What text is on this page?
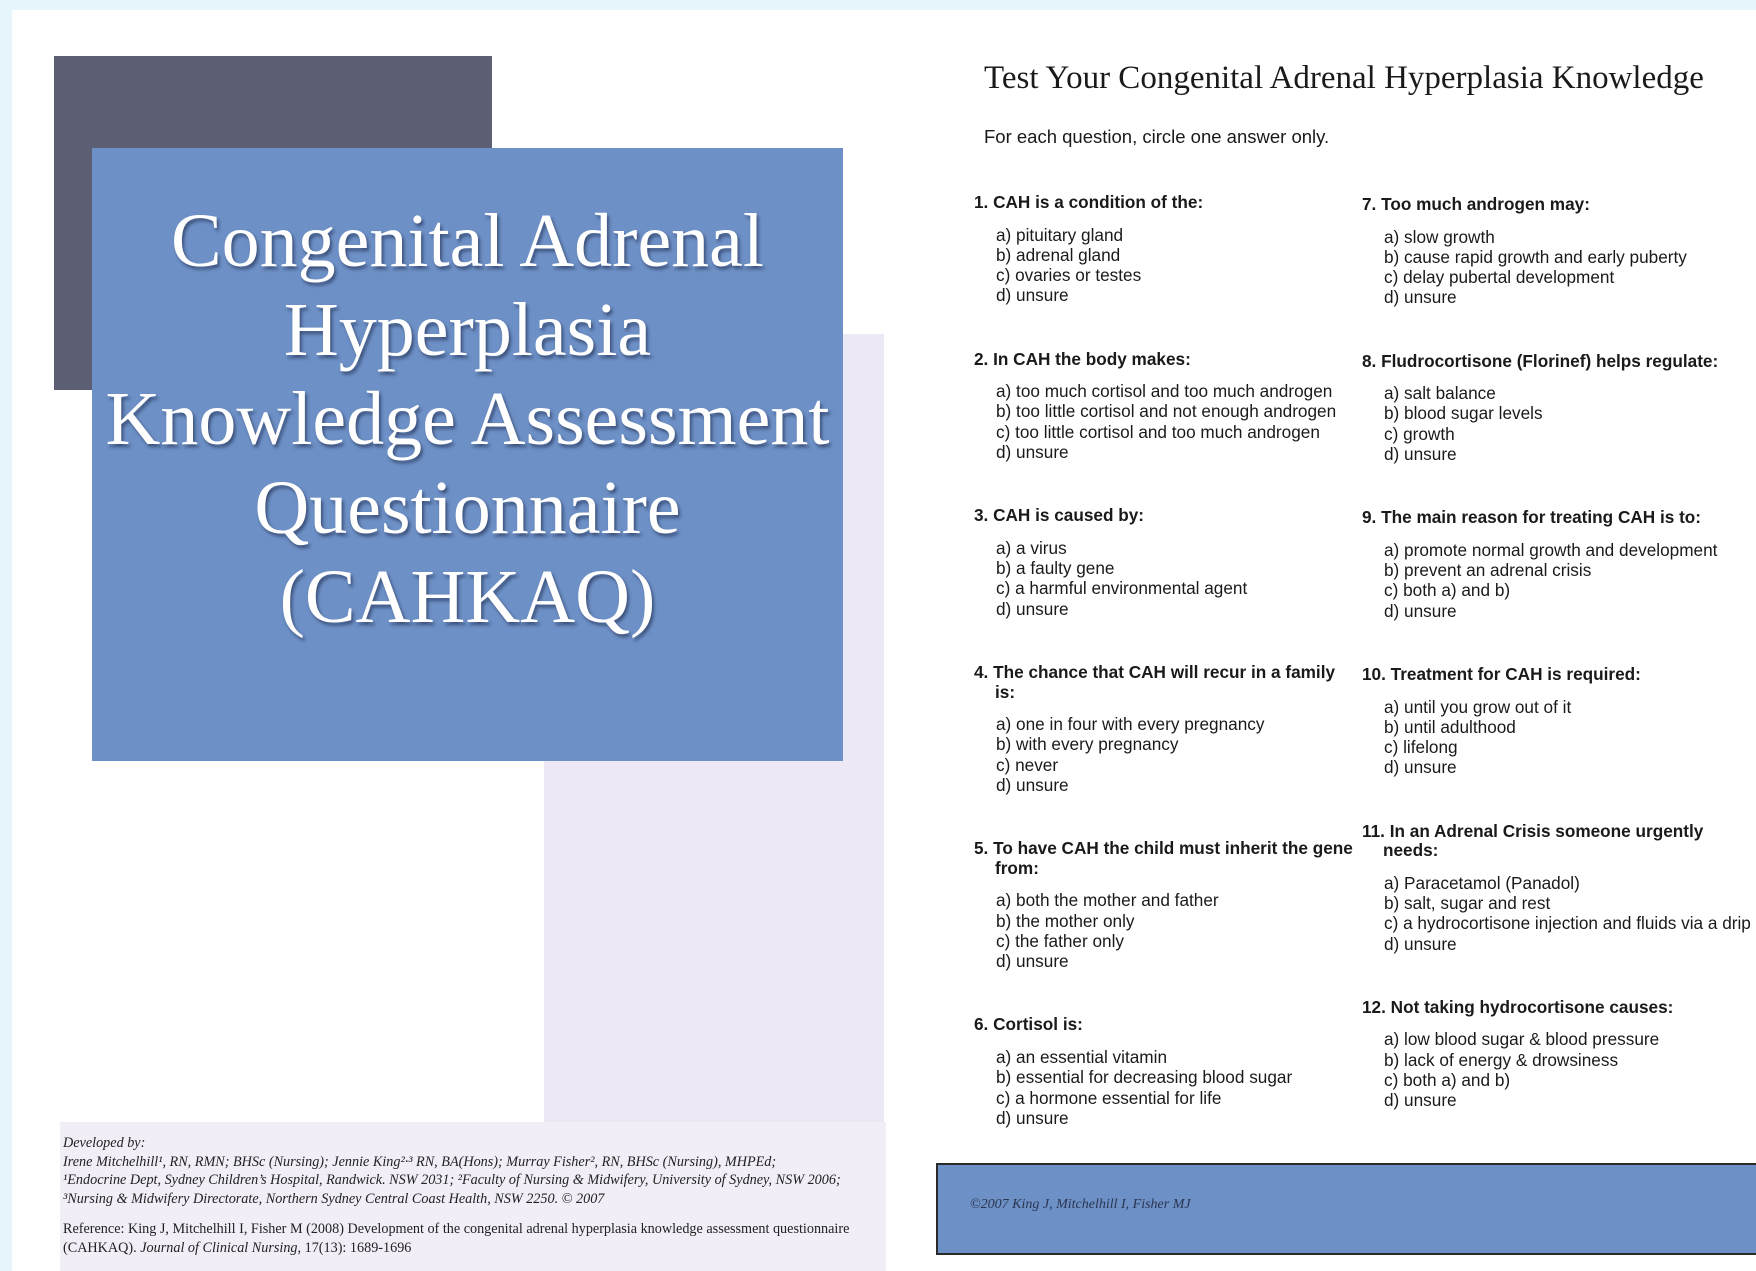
Congenital Adrenal
Hyperplasia
Knowledge Assessment
Questionnaire
(CAHKAQ)
Developed by:
Irene Mitchelhill¹, RN, RMN; BHSc (Nursing); Jennie King²·³ RN, BA(Hons); Murray Fisher², RN, BHSc (Nursing), MHPEd;
¹Endocrine Dept, Sydney Children’s Hospital, Randwick. NSW 2031; ²Faculty of Nursing & Midwifery, University of Sydney, NSW 2006; ³Nursing & Midwifery Directorate, Northern Sydney Central Coast Health, NSW 2250. © 2007
Reference: King J, Mitchelhill I, Fisher M (2008) Development of the congenital adrenal hyperplasia knowledge assessment questionnaire (CAHKAQ). Journal of Clinical Nursing, 17(13): 1689-1696
Test Your Congenital Adrenal Hyperplasia Knowledge
For each question, circle one answer only.
1. CAH is a condition of the:
a) pituitary gland
b) adrenal gland
c) ovaries or testes
d) unsure
2. In CAH the body makes:
a) too much cortisol and too much androgen
b) too little cortisol and not enough androgen
c) too little cortisol and too much androgen
d) unsure
3. CAH is caused by:
a) a virus
b) a faulty gene
c) a harmful environmental agent
d) unsure
4. The chance that CAH will recur in a family is:
a) one in four with every pregnancy
b) with every pregnancy
c) never
d) unsure
5. To have CAH the child must inherit the gene from:
a) both the mother and father
b) the mother only
c) the father only
d) unsure
6. Cortisol is:
a) an essential vitamin
b) essential for decreasing blood sugar
c) a hormone essential for life
d) unsure
7. Too much androgen may:
a) slow growth
b) cause rapid growth and early puberty
c) delay pubertal development
d) unsure
8. Fludrocortisone (Florinef) helps regulate:
a) salt balance
b) blood sugar levels
c) growth
d) unsure
9. The main reason for treating CAH is to:
a) promote normal growth and development
b) prevent an adrenal crisis
c) both a) and b)
d) unsure
10. Treatment for CAH is required:
a) until you grow out of it
b) until adulthood
c) lifelong
d) unsure
11. In an Adrenal Crisis someone urgently needs:
a) Paracetamol (Panadol)
b) salt, sugar and rest
c) a hydrocortisone injection and fluids via a drip
d) unsure
12. Not taking hydrocortisone causes:
a) low blood sugar & blood pressure
b) lack of energy & drowsiness
c) both a) and b)
d) unsure
©2007 King J, Mitchelhill I, Fisher MJ
